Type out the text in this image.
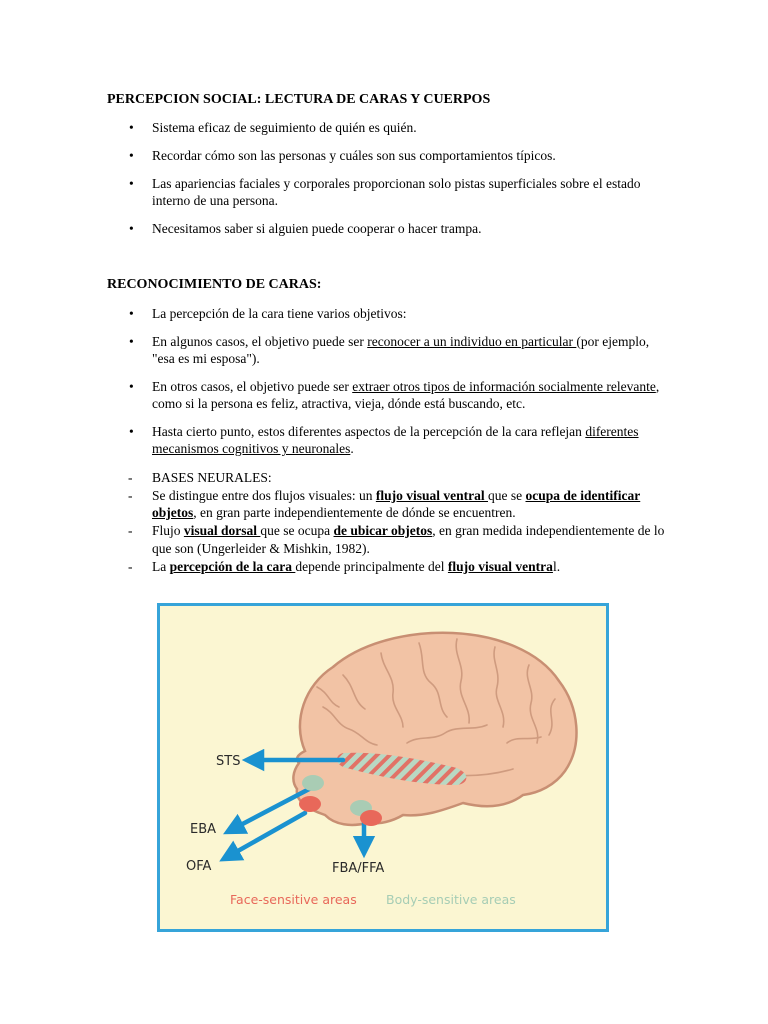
PERCEPCION SOCIAL: LECTURA DE CARAS Y CUERPOS
• Sistema eficaz de seguimiento de quién es quién.
• Recordar cómo son las personas y cuáles son sus comportamientos típicos.
• Las apariencias faciales y corporales proporcionan solo pistas superficiales sobre el estado interno de una persona.
• Necesitamos saber si alguien puede cooperar o hacer trampa.
RECONOCIMIENTO DE CARAS:
• La percepción de la cara tiene varios objetivos:
• En algunos casos, el objetivo puede ser reconocer a un individuo en particular (por ejemplo, "esa es mi esposa").
• En otros casos, el objetivo puede ser extraer otros tipos de información socialmente relevante, como si la persona es feliz, atractiva, vieja, dónde está buscando, etc.
• Hasta cierto punto, estos diferentes aspectos de la percepción de la cara reflejan diferentes mecanismos cognitivos y neuronales.
- BASES NEURALES:
- Se distingue entre dos flujos visuales: un flujo visual ventral que se ocupa de identificar objetos, en gran parte independientemente de dónde se encuentren.
- Flujo visual dorsal que se ocupa de ubicar objetos, en gran medida independientemente de lo que son (Ungerleider & Mishkin, 1982).
- La percepción de la cara depende principalmente del flujo visual ventral.
STS
EBA
OFA	FBA/FFA
Face-sensitive areas Body-sensitive areas
